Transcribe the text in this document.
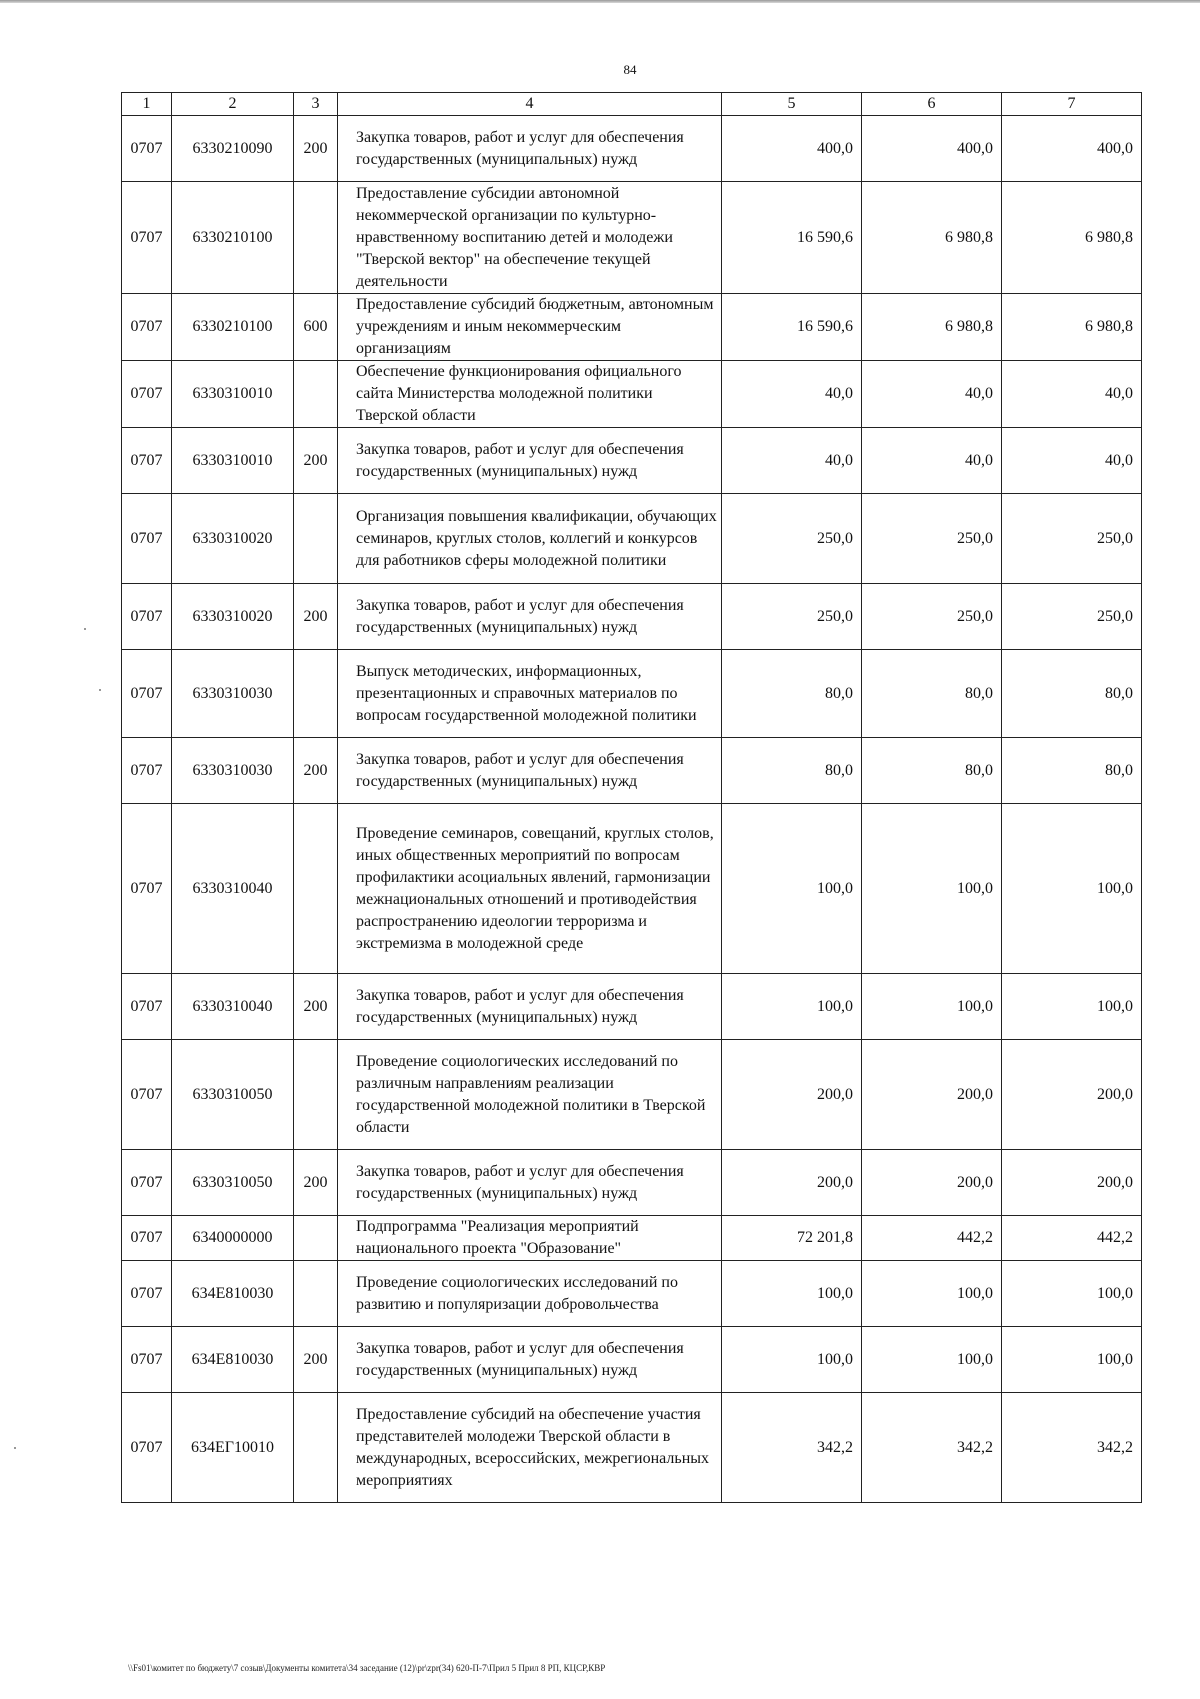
84
1	2	3	4	5	6	7
0707	6330210090	200	Закупка товаров, работ и услуг для обеспечения государственных (муниципальных) нужд	400,0	400,0	400,0
0707	6330210100		Предоставление субсидии автономной некоммерческой организации по культурно-нравственному воспитанию детей и молодежи "Тверской вектор" на обеспечение текущей деятельности	16 590,6	6 980,8	6 980,8
0707	6330210100	600	Предоставление субсидий бюджетным, автономным учреждениям и иным некоммерческим организациям	16 590,6	6 980,8	6 980,8
0707	6330310010		Обеспечение функционирования официального сайта Министерства молодежной политики Тверской области	40,0	40,0	40,0
0707	6330310010	200	Закупка товаров, работ и услуг для обеспечения государственных (муниципальных) нужд	40,0	40,0	40,0
0707	6330310020		Организация повышения квалификации, обучающих семинаров, круглых столов, коллегий и конкурсов для работников сферы молодежной политики	250,0	250,0	250,0
0707	6330310020	200	Закупка товаров, работ и услуг для обеспечения государственных (муниципальных) нужд	250,0	250,0	250,0
0707	6330310030		Выпуск методических, информационных, презентационных и справочных материалов по вопросам государственной молодежной политики	80,0	80,0	80,0
0707	6330310030	200	Закупка товаров, работ и услуг для обеспечения государственных (муниципальных) нужд	80,0	80,0	80,0
0707	6330310040		Проведение семинаров, совещаний, круглых столов, иных общественных мероприятий по вопросам профилактики асоциальных явлений, гармонизации межнациональных отношений и противодействия распространению идеологии терроризма и экстремизма в молодежной среде	100,0	100,0	100,0
0707	6330310040	200	Закупка товаров, работ и услуг для обеспечения государственных (муниципальных) нужд	100,0	100,0	100,0
0707	6330310050		Проведение социологических исследований по различным направлениям реализации государственной молодежной политики в Тверской области	200,0	200,0	200,0
0707	6330310050	200	Закупка товаров, работ и услуг для обеспечения государственных (муниципальных) нужд	200,0	200,0	200,0
0707	6340000000		Подпрограмма "Реализация мероприятий национального проекта "Образование"	72 201,8	442,2	442,2
0707	634E810030		Проведение социологических исследований по развитию и популяризации добровольчества	100,0	100,0	100,0
0707	634E810030	200	Закупка товаров, работ и услуг для обеспечения государственных (муниципальных) нужд	100,0	100,0	100,0
0707	634EГ10010		Предоставление субсидий на обеспечение участия представителей молодежи Тверской области в международных, всероссийских, межрегиональных мероприятиях	342,2	342,2	342,2
\\Fs01\комитет по бюджету\7 созыв\Документы комитета\34 заседание (12)\pr\zpr(34) 620-П-7\Прил 5 Прил 8 РП, КЦСР,КВР
